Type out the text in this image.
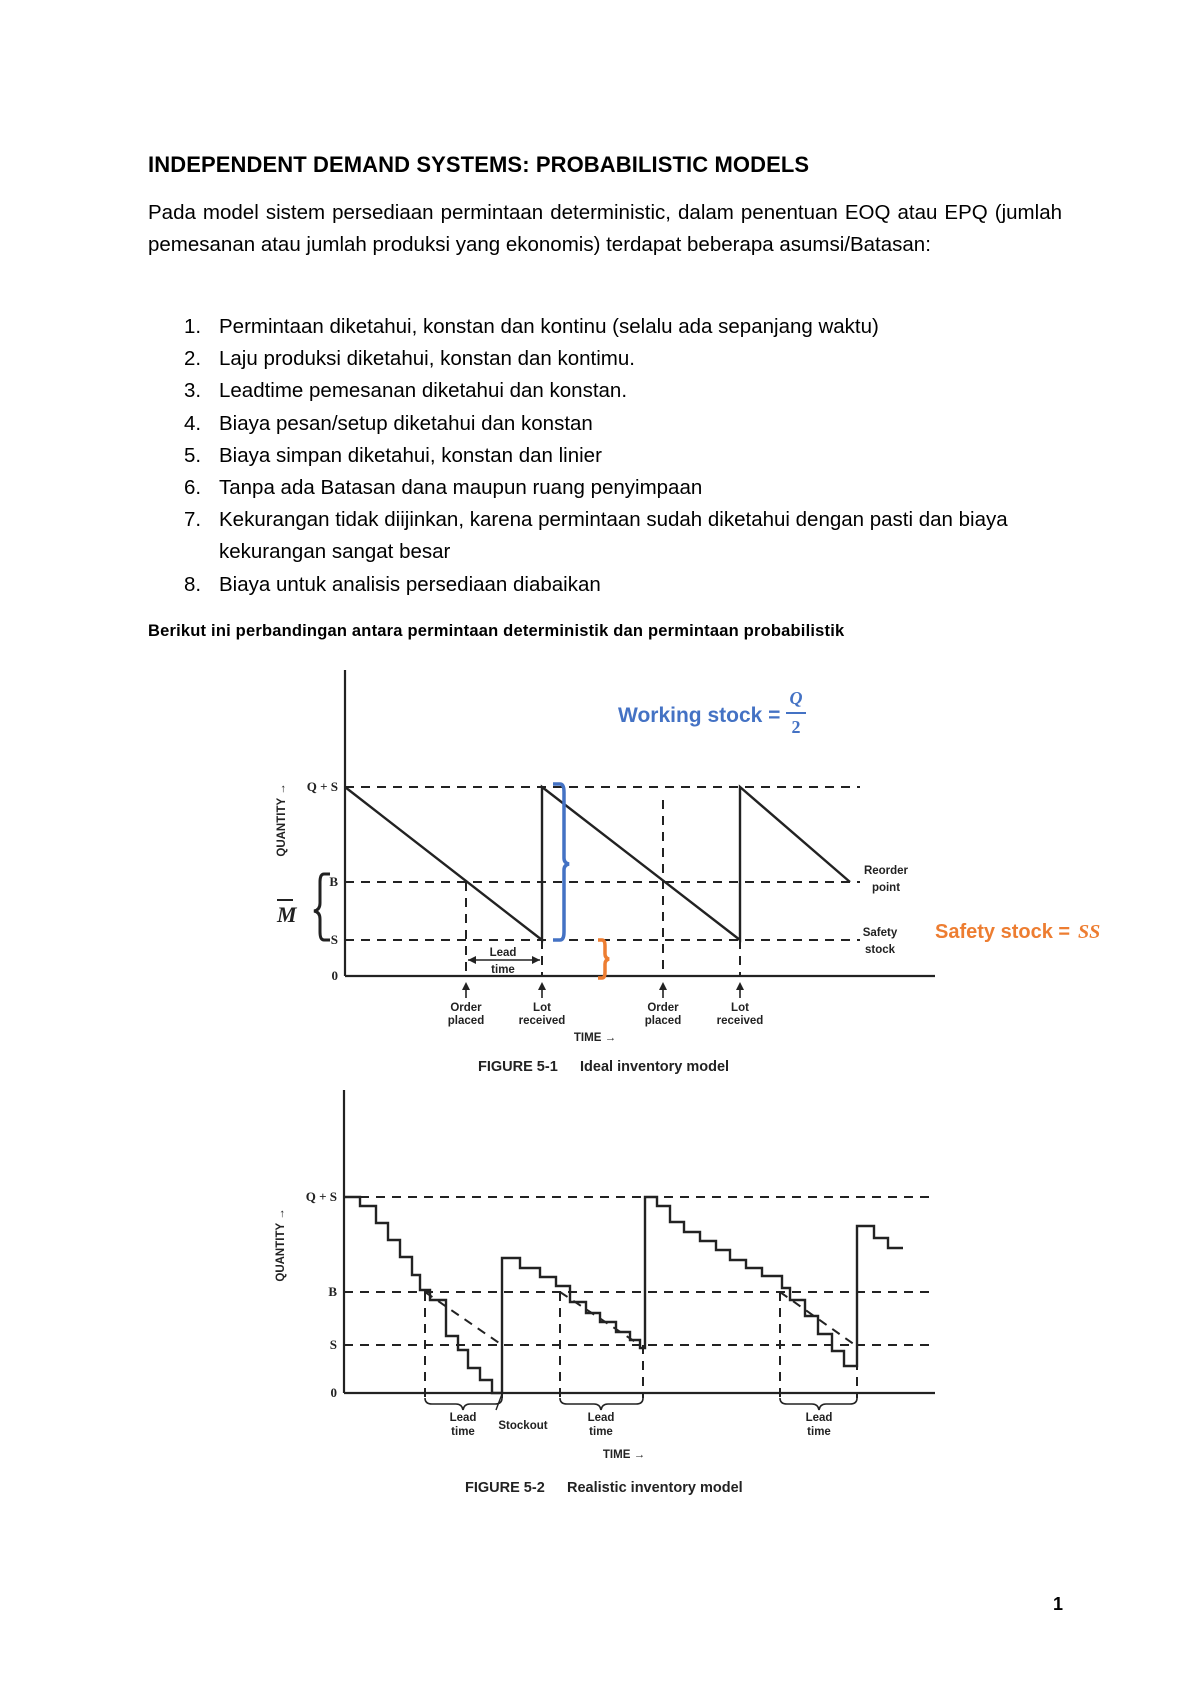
INDEPENDENT DEMAND SYSTEMS: PROBABILISTIC MODELS

Pada model sistem persediaan permintaan deterministic, dalam penentuan EOQ atau EPQ (jumlah pemesanan atau jumlah produksi yang ekonomis) terdapat beberapa asumsi/Batasan:

1. Permintaan diketahui, konstan dan kontinu (selalu ada sepanjang waktu)
2. Laju produksi diketahui, konstan dan kontimu.
3. Leadtime pemesanan diketahui dan konstan.
4. Biaya pesan/setup diketahui dan konstan
5. Biaya simpan diketahui, konstan dan linier
6. Tanpa ada Batasan dana maupun ruang penyimpaan
7. Kekurangan tidak diijinkan, karena permintaan sudah diketahui dengan pasti dan biaya kekurangan sangat besar
8. Biaya untuk analisis persediaan diabaikan
Berikut ini perbandingan antara permintaan deterministik dan permintaan probabilistik
Lead
time
Order
placed
Lot
received
Order
placed
Lot
received
TIME →
Q + S
B
S
0
QUANTITY →
M
Reorder
point
Safety
stock
Working stock =
Q
2
Safety stock = SS
FIGURE 5-1 Ideal inventory model
Lead
time
Lead
time
Lead
time
Stockout
TIME →
Q + S
B
S
0
QUANTITY →
FIGURE 5-2 Realistic inventory model
1
